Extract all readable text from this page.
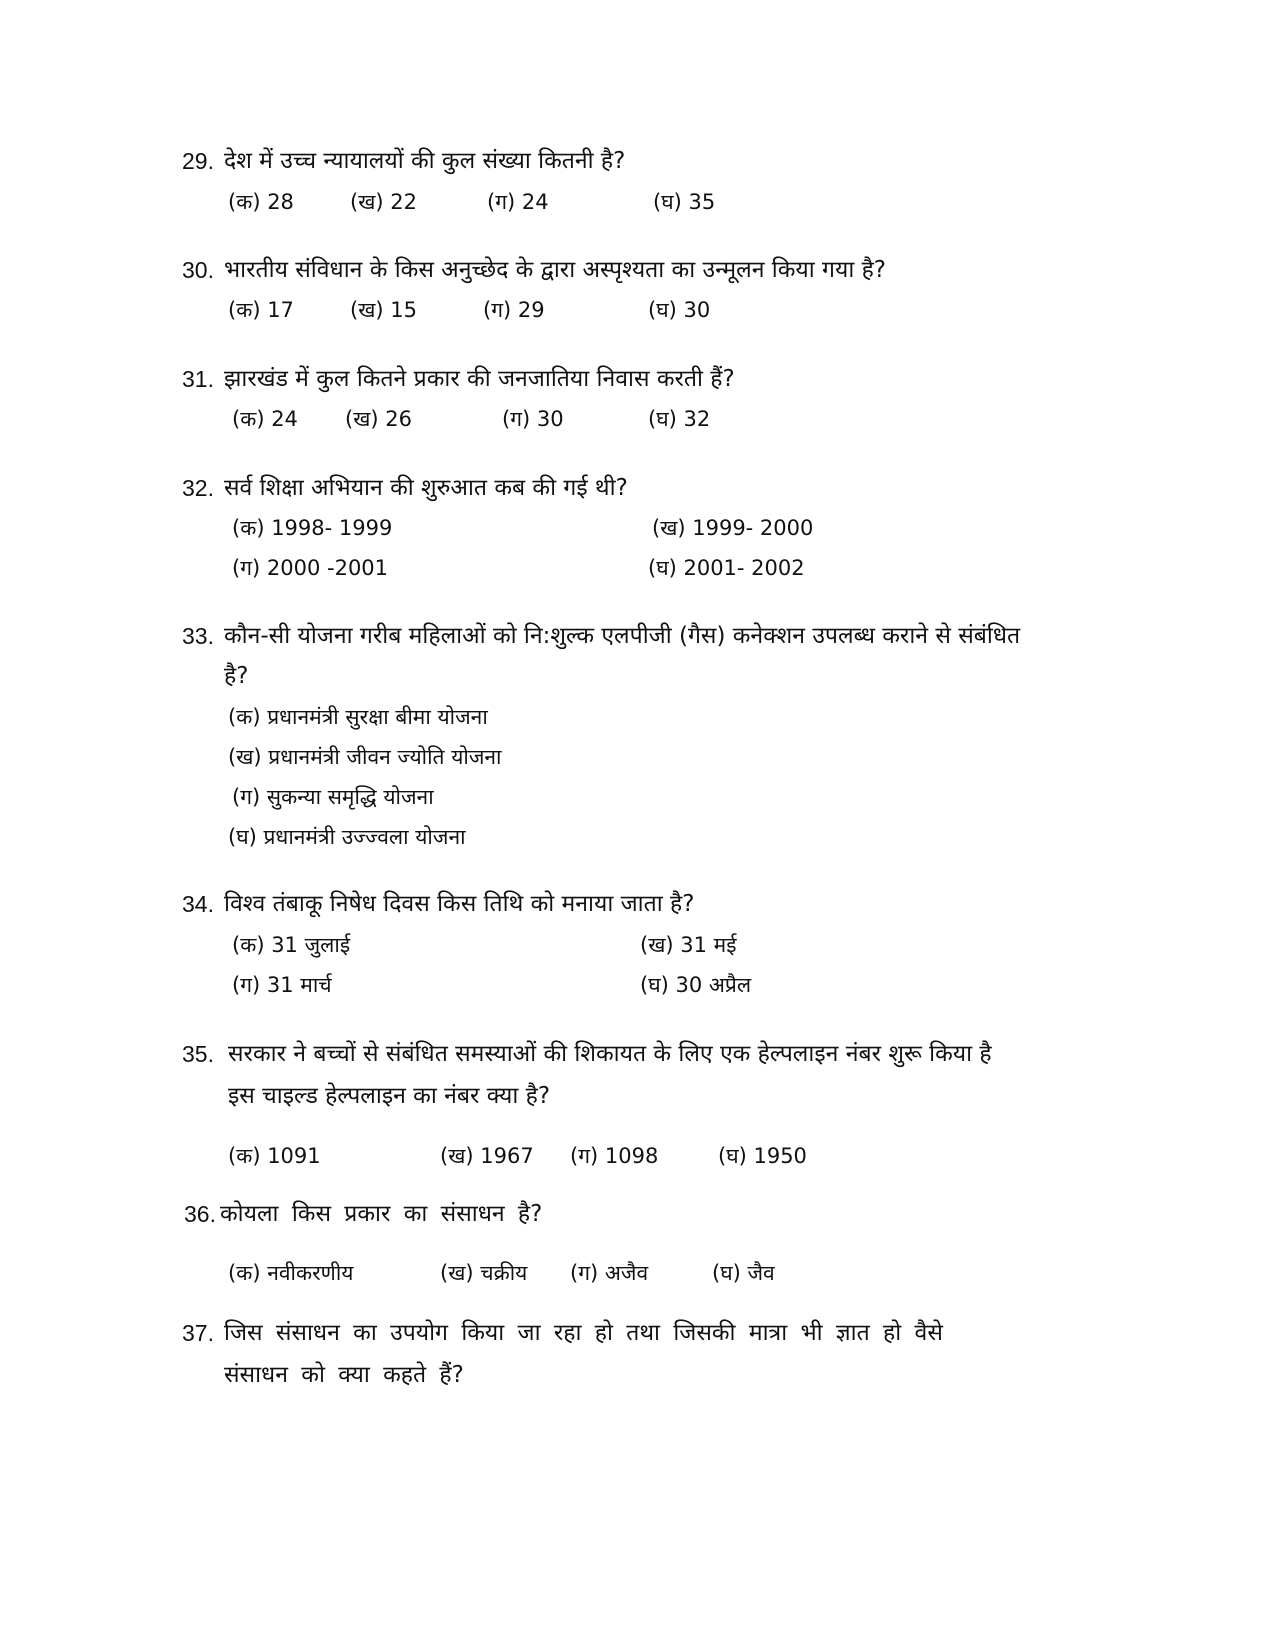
29. देश में उच्च न्यायालयों की कुल संख्या कितनी है?
(क) 28	(ख) 22	(ग) 24	(घ) 35
30. भारतीय संविधान के किस अनुच्छेद के द्वारा अस्पृश्यता का उन्मूलन किया गया है?
(क) 17	(ख) 15	(ग) 29	(घ) 30
31. झारखंड में कुल कितने प्रकार की जनजातिया निवास करती हैं?
(क) 24 (ख) 26	(ग) 30	(घ) 32
32. सर्व शिक्षा अभियान की शुरुआत कब की गई थी?
(क) 1998- 1999	(ख) 1999- 2000
(ग) 2000 -2001	(घ) 2001- 2002
33. कौन-सी योजना गरीब महिलाओं को नि:शुल्क एलपीजी (गैस) कनेक्शन उपलब्ध कराने से संबंधित
है?
(क) प्रधानमंत्री सुरक्षा बीमा योजना
(ख) प्रधानमंत्री जीवन ज्योति योजना
(ग) सुकन्या समृद्धि योजना
(घ) प्रधानमंत्री उज्ज्वला योजना
34. विश्व तंबाकू निषेध दिवस किस तिथि को मनाया जाता है?
(क) 31 जुलाई	(ख) 31 मई
(ग) 31 मार्च	(घ) 30 अप्रैल
35. सरकार ने बच्चों से संबंधित समस्याओं की शिकायत के लिए एक हेल्पलाइन नंबर शुरू किया है
इस चाइल्ड हेल्पलाइन का नंबर क्या है?
(क) 1091	(ख) 1967 (ग) 1098	(घ) 1950
36. कोयला किस प्रकार का संसाधन है?
(क) नवीकरणीय	(ख) चक्रीय (ग) अजैव	(घ) जैव
37. जिस संसाधन का उपयोग किया जा रहा हो तथा जिसकी मात्रा भी ज्ञात हो वैसे
संसाधन को क्या कहते हैं?
